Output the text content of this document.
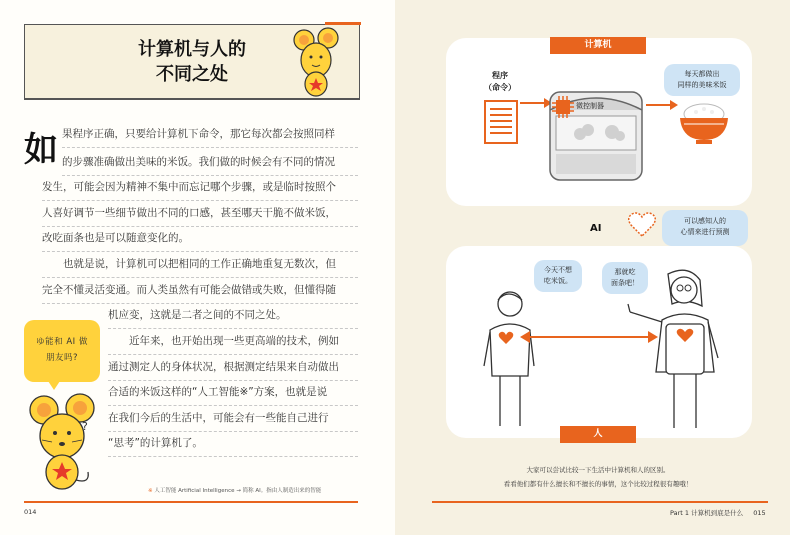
计算机与人的
不同之处
如 果程序正确，只要给计算机下命令，那它每次都会按照同样
的步骤准确做出美味的米饭。我们做的时候会有不同的情况
发生，可能会因为精神不集中而忘记哪个步骤，或是临时按照个
人喜好调节一些细节做出不同的口感，甚至哪天干脆不做米饭，
改吃面条也是可以随意变化的。
　　也就是说，计算机可以把相同的工作正确地重复无数次，但
完全不懂灵活变通。而人类虽然有可能会做错或失败，但懂得随
机应变，这就是二者之间的不同之处。
　　近年来，也开始出现一些更高端的技术，例如
通过测定人的身体状况，根据测定结果来自动做出
合适的米饭这样的“人工智能※”方案，也就是说
在我们今后的生活中，可能会有一些能自己进行
“思考”的计算机了。
ゆ能和 AI 做
朋友吗?
?
※ 人工智能 Artificial Intelligence → 简称 AI。指由人制造出来的智能
014
计算机
程序
（命令）
微控制器
每天都做出
同样的美味米饭
AI
可以感知人的
心情来进行预测
今天不想
吃米饭。
那就吃
面条吧！
人
大家可以尝试比较一下生活中计算机和人的区别。
看看他们都有什么擅长和不擅长的事情，这个比较过程很有趣哦！
Part 1 计算机到底是什么 015
